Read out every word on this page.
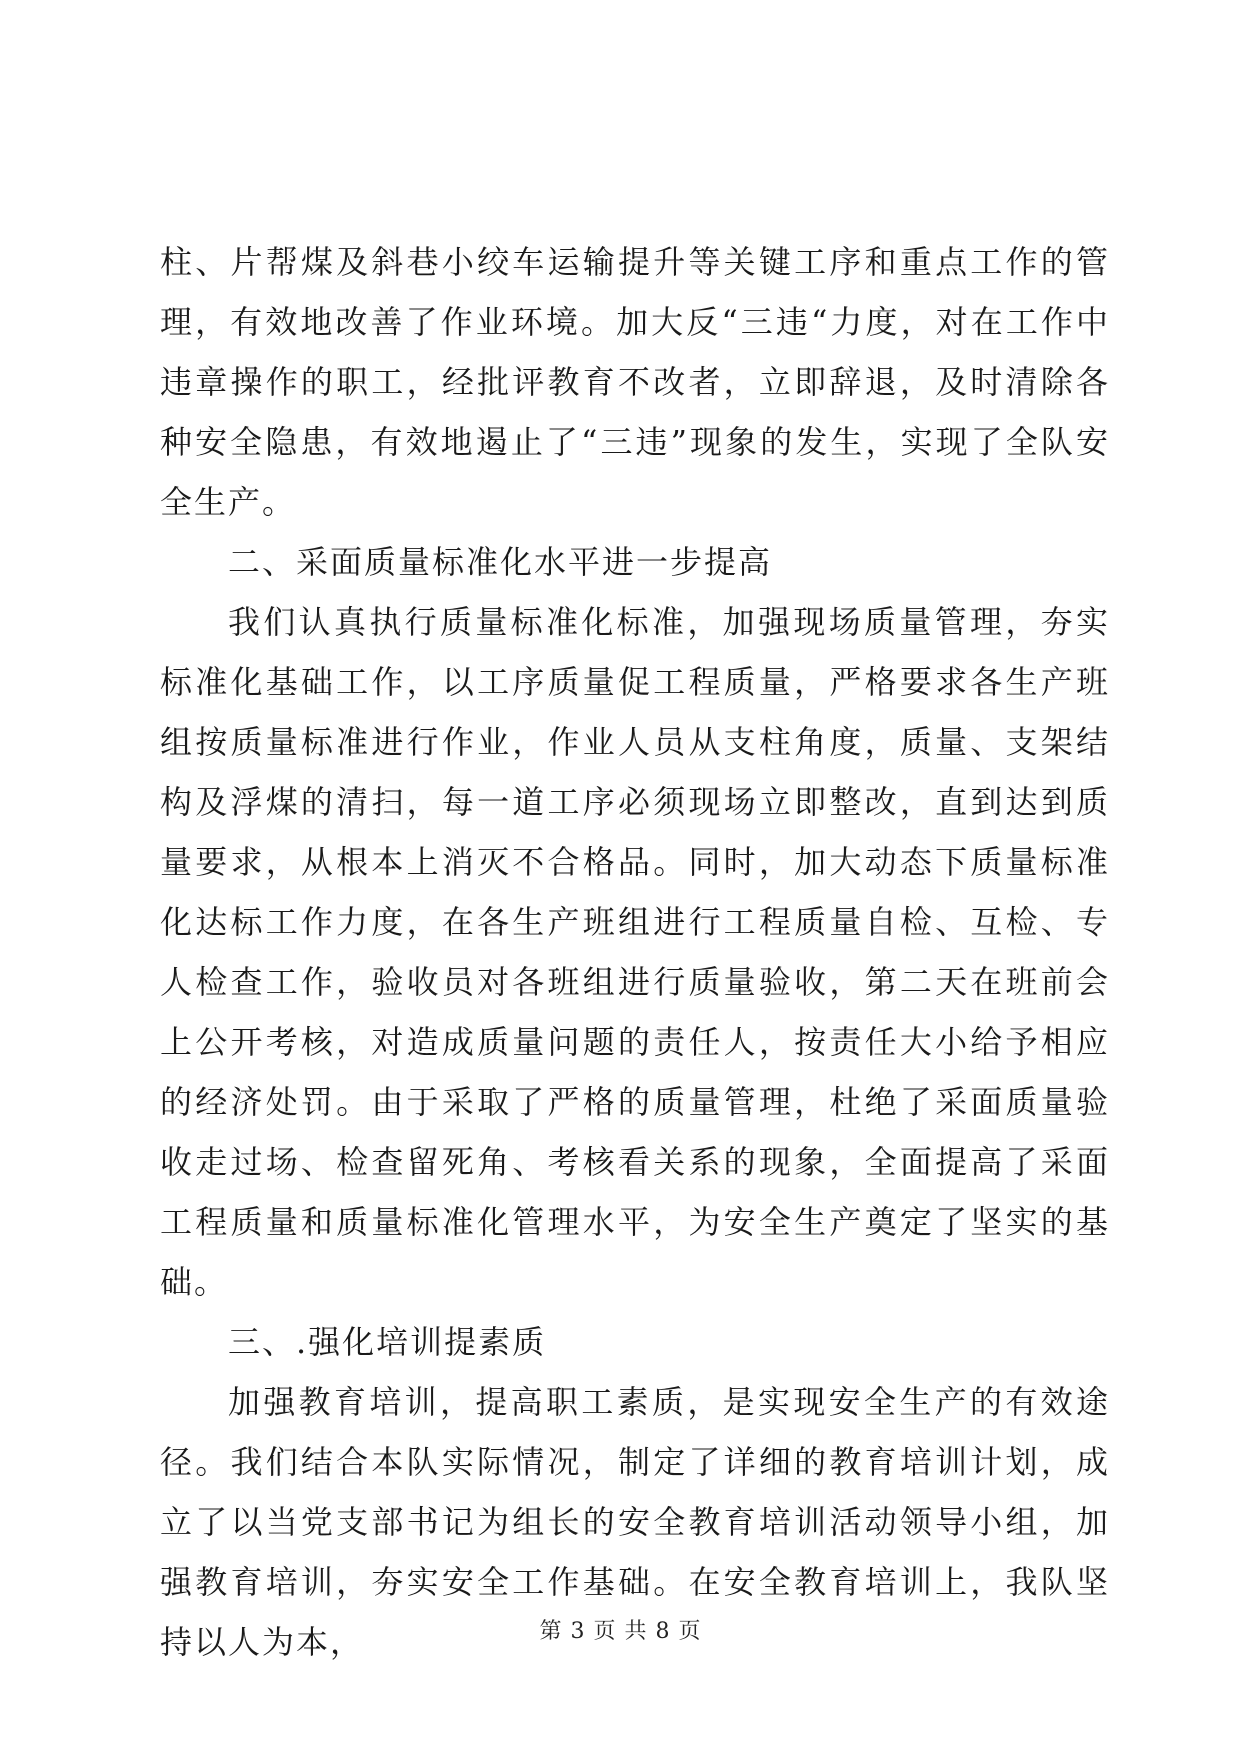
柱、片帮煤及斜巷小绞车运输提升等关键工序和重点工作的管理，有效地改善了作业环境。加大反“三违“力度，对在工作中违章操作的职工，经批评教育不改者，立即辞退，及时清除各种安全隐患，有效地遏止了“三违”现象的发生，实现了全队安全生产。

二、采面质量标准化水平进一步提高

我们认真执行质量标准化标准，加强现场质量管理，夯实标准化基础工作，以工序质量促工程质量，严格要求各生产班组按质量标准进行作业，作业人员从支柱角度，质量、支架结构及浮煤的清扫，每一道工序必须现场立即整改，直到达到质量要求，从根本上消灭不合格品。同时，加大动态下质量标准化达标工作力度，在各生产班组进行工程质量自检、互检、专人检查工作，验收员对各班组进行质量验收，第二天在班前会上公开考核，对造成质量问题的责任人，按责任大小给予相应的经济处罚。由于采取了严格的质量管理，杜绝了采面质量验收走过场、检查留死角、考核看关系的现象，全面提高了采面工程质量和质量标准化管理水平，为安全生产奠定了坚实的基础。

三、.强化培训提素质

加强教育培训，提高职工素质，是实现安全生产的有效途径。我们结合本队实际情况，制定了详细的教育培训计划，成立了以当党支部书记为组长的安全教育培训活动领导小组，加强教育培训，夯实安全工作基础。在安全教育培训上，我队坚持以人为本，	第 3 页 共 8 页
